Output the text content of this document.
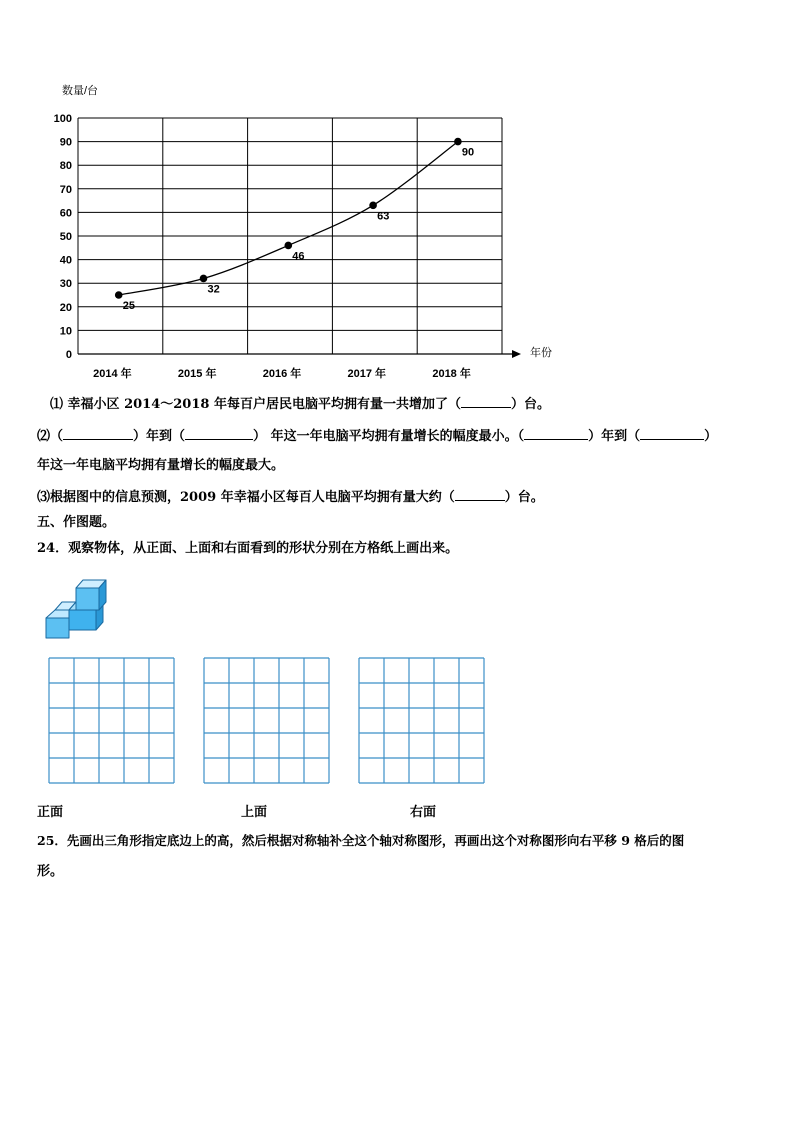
数量/台
0
10
20
30
40
50
60
70
80
90
100
2014 年	2015 年	2016 年	2017 年	2018 年
年份
25
32
46
63
90
⑴ 幸福小区 2014～2018 年每百户居民电脑平均拥有量一共增加了（	）台。
⑵（	）年到（	） 年这一年电脑平均拥有量增长的幅度最小。（	）年到（	）
年这一年电脑平均拥有量增长的幅度最大。
⑶根据图中的信息预测，2009 年幸福小区每百人电脑平均拥有量大约（	）台。
五、作图题。
24．观察物体，从正面、上面和右面看到的形状分别在方格纸上画出来。
正面	上面	右面
25．先画出三角形指定底边上的高，然后根据对称轴补全这个轴对称图形，再画出这个对称图形向右平移 9 格后的图
形。
